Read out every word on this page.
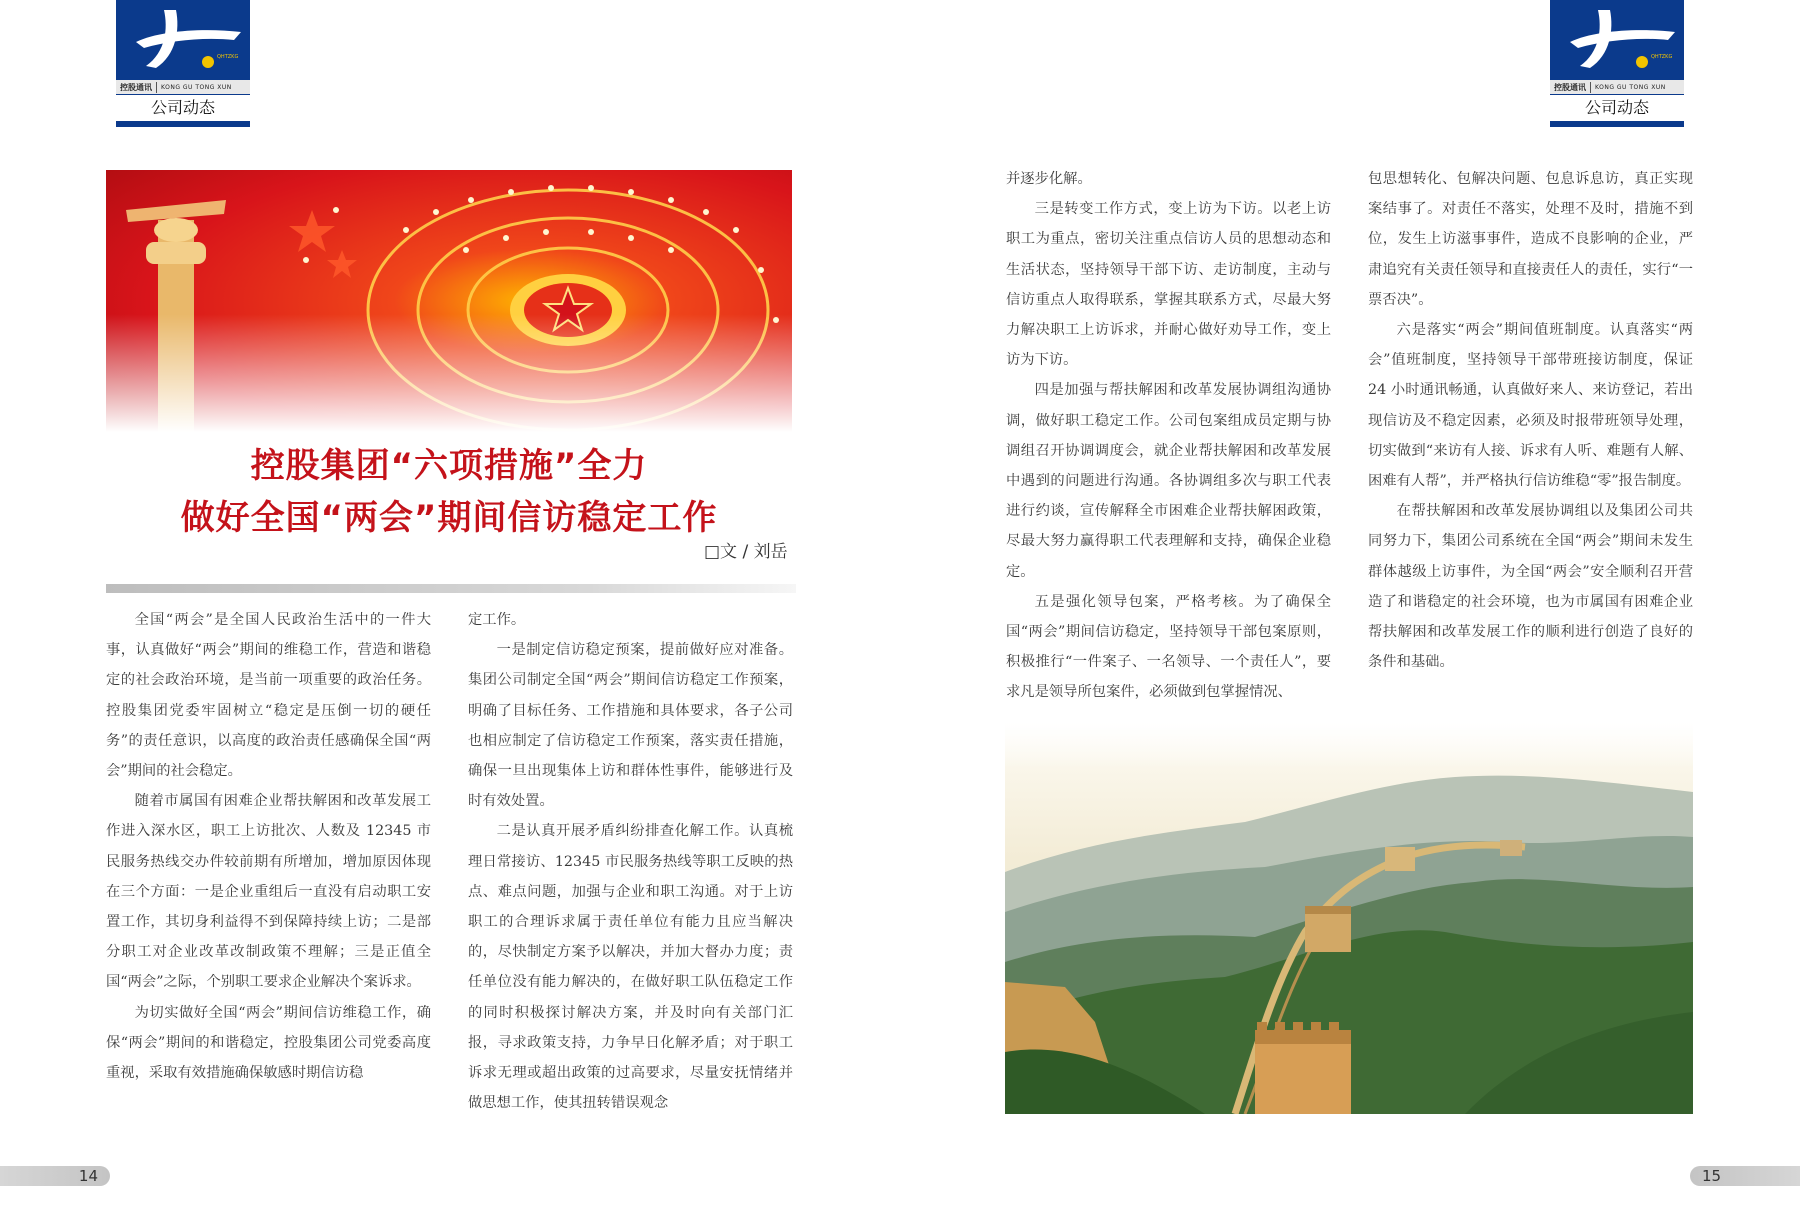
QHTZKG
控股通讯	KONG GU TONG XUN
公司动态
QHTZKG
控股通讯	KONG GU TONG XUN
公司动态
控股集团“六项措施”全力
做好全国“两会”期间信访稳定工作
□文 / 刘岳

全国“两会”是全国人民政治生活中的一件大事，认真做好“两会”期间的维稳工作，营造和谐稳定的社会政治环境，是当前一项重要的政治任务。控股集团党委牢固树立“稳定是压倒一切的硬任务”的责任意识，以高度的政治责任感确保全国“两会”期间的社会稳定。

随着市属国有困难企业帮扶解困和改革发展工作进入深水区，职工上访批次、人数及 12345 市民服务热线交办件较前期有所增加，增加原因体现在三个方面：一是企业重组后一直没有启动职工安置工作，其切身利益得不到保障持续上访；二是部分职工对企业改革改制政策不理解；三是正值全国“两会”之际，个别职工要求企业解决个案诉求。

为切实做好全国“两会”期间信访维稳工作，确保“两会”期间的和谐稳定，控股集团公司党委高度重视，采取有效措施确保敏感时期信访稳

定工作。

一是制定信访稳定预案，提前做好应对准备。集团公司制定全国“两会”期间信访稳定工作预案，明确了目标任务、工作措施和具体要求，各子公司也相应制定了信访稳定工作预案，落实责任措施，确保一旦出现集体上访和群体性事件，能够进行及时有效处置。

二是认真开展矛盾纠纷排查化解工作。认真梳理日常接访、12345 市民服务热线等职工反映的热点、难点问题，加强与企业和职工沟通。对于上访职工的合理诉求属于责任单位有能力且应当解决的，尽快制定方案予以解决，并加大督办力度；责任单位没有能力解决的，在做好职工队伍稳定工作的同时积极探讨解决方案，并及时向有关部门汇报，寻求政策支持，力争早日化解矛盾；对于职工诉求无理或超出政策的过高要求，尽量安抚情绪并做思想工作，使其扭转错误观念

并逐步化解。

三是转变工作方式，变上访为下访。以老上访职工为重点，密切关注重点信访人员的思想动态和生活状态，坚持领导干部下访、走访制度，主动与信访重点人取得联系，掌握其联系方式，尽最大努力解决职工上访诉求，并耐心做好劝导工作，变上访为下访。

四是加强与帮扶解困和改革发展协调组沟通协调，做好职工稳定工作。公司包案组成员定期与协调组召开协调调度会，就企业帮扶解困和改革发展中遇到的问题进行沟通。各协调组多次与职工代表进行约谈，宣传解释全市困难企业帮扶解困政策，尽最大努力赢得职工代表理解和支持，确保企业稳定。

五是强化领导包案，严格考核。为了确保全国“两会”期间信访稳定，坚持领导干部包案原则，积极推行“一件案子、一名领导、一个责任人”，要求凡是领导所包案件，必须做到包掌握情况、

包思想转化、包解决问题、包息诉息访，真正实现案结事了。对责任不落实，处理不及时，措施不到位，发生上访滋事事件，造成不良影响的企业，严肃追究有关责任领导和直接责任人的责任，实行“一票否决”。

六是落实“两会”期间值班制度。认真落实“两会”值班制度，坚持领导干部带班接访制度，保证 24 小时通讯畅通，认真做好来人、来访登记，若出现信访及不稳定因素，必须及时报带班领导处理，切实做到“来访有人接、诉求有人听、难题有人解、困难有人帮”，并严格执行信访维稳“零”报告制度。

在帮扶解困和改革发展协调组以及集团公司共同努力下，集团公司系统在全国“两会”期间未发生群体越级上访事件，为全国“两会”安全顺利召开营造了和谐稳定的社会环境，也为市属国有困难企业帮扶解困和改革发展工作的顺利进行创造了良好的条件和基础。

14	15
